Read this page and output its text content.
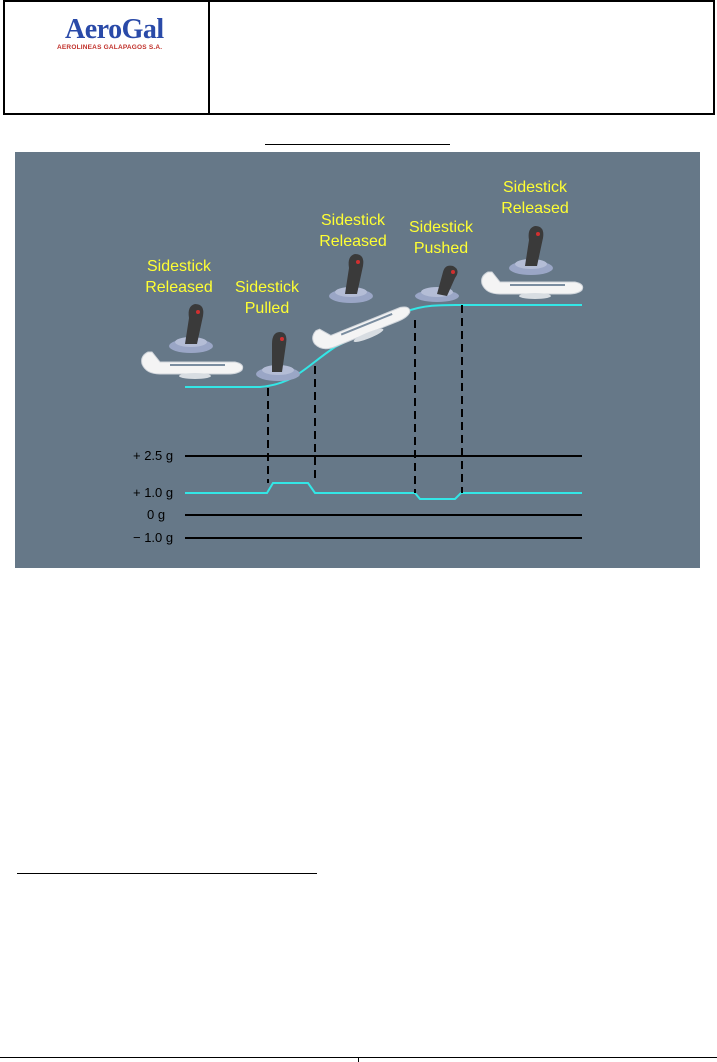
AeroGal
AEROLINEAS GALAPAGOS S.A.
Sidestick
Released	Sidestick
Pulled
Sidestick
Released
Sidestick
Pushed
Sidestick
Released
+ 2.5 g
+ 1.0 g
0 g
− 1.0 g
